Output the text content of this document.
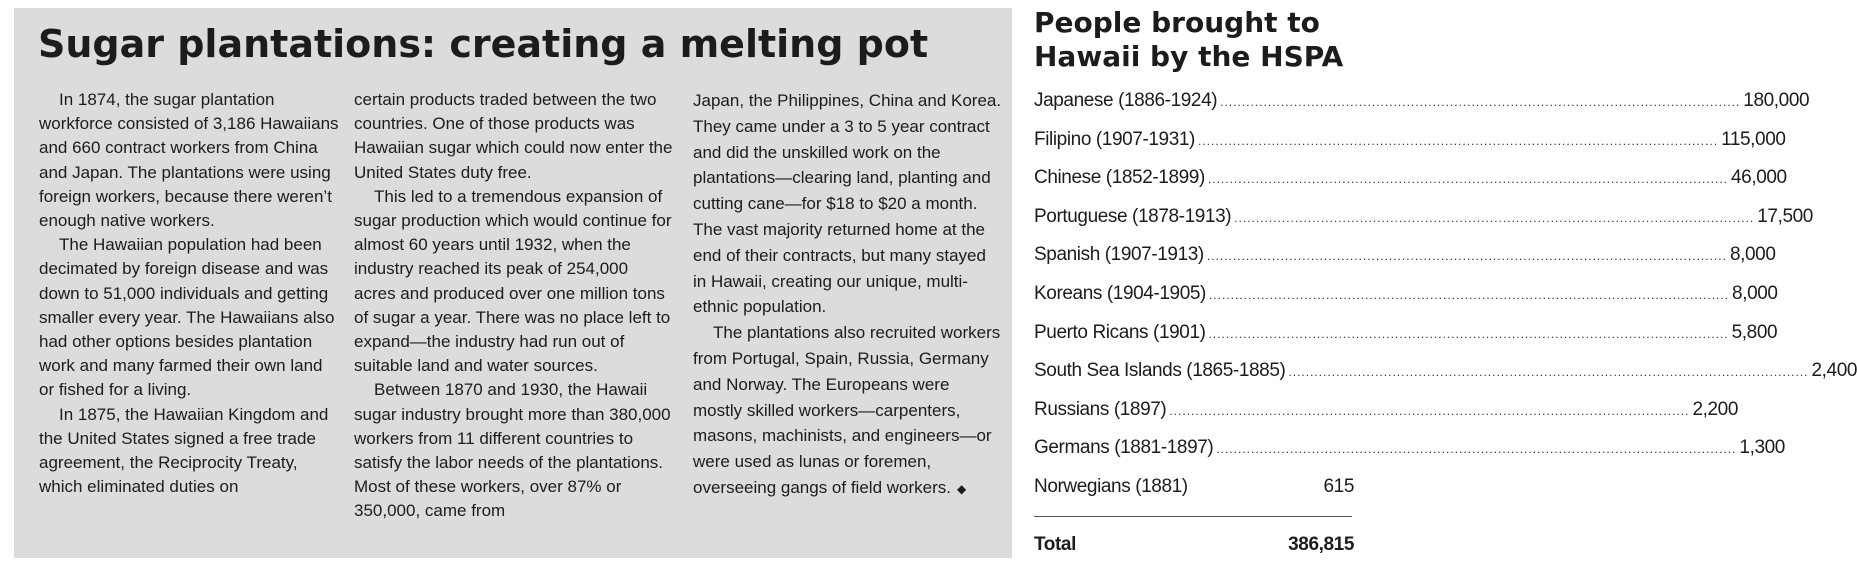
Sugar plantations: creating a melting pot

In 1874, the sugar plantation workforce consisted of 3,186 Hawaiians and 660 contract workers from China and Japan. The plantations were using foreign workers, because there weren’t enough native workers.

The Hawaiian population had been decimated by foreign disease and was down to 51,000 individuals and getting smaller every year. The Hawaiians also had other options besides plantation work and many farmed their own land or fished for a living.

In 1875, the Hawaiian Kingdom and the United States signed a free trade agreement, the Reciprocity Treaty, which eliminated duties on

certain products traded between the two countries. One of those products was Hawaiian sugar which could now enter the United States duty free.

This led to a tremendous expansion of sugar production which would continue for almost 60 years until 1932, when the industry reached its peak of 254,000 acres and produced over one million tons of sugar a year. There was no place left to expand—the industry had run out of suitable land and water sources.

Between 1870 and 1930, the Hawaii sugar industry brought more than 380,000 workers from 11 different countries to satisfy the labor needs of the plantations. Most of these workers, over 87% or 350,000, came from

Japan, the Philippines, China and Korea. They came under a 3 to 5 year contract and did the unskilled work on the plantations—clearing land, planting and cutting cane—for $18 to $20 a month. The vast majority returned home at the end of their contracts, but many stayed in Hawaii, creating our unique, multi-ethnic population.

The plantations also recruited workers from Portugal, Spain, Russia, Germany and Norway. The Europeans were mostly skilled workers—carpenters, masons, machinists, and engineers—or were used as lunas or foremen, overseeing gangs of field workers. ◆

People brought to Hawaii by the HSPA
Japanese (1886-1924) ........................................................................................................................ 180,000
Filipino (1907-1931) ........................................................................................................................ 115,000
Chinese (1852-1899) ........................................................................................................................ 46,000
Portuguese (1878-1913) ........................................................................................................................ 17,500
Spanish (1907-1913) ........................................................................................................................ 8,000
Koreans (1904-1905) ........................................................................................................................ 8,000
Puerto Ricans (1901) ........................................................................................................................ 5,800
South Sea Islands (1865-1885) ........................................................................................................................ 2,400
Russians (1897) ........................................................................................................................ 2,200
Germans (1881-1897) ........................................................................................................................ 1,300
Norwegians (1881)	615
Total	386,815
